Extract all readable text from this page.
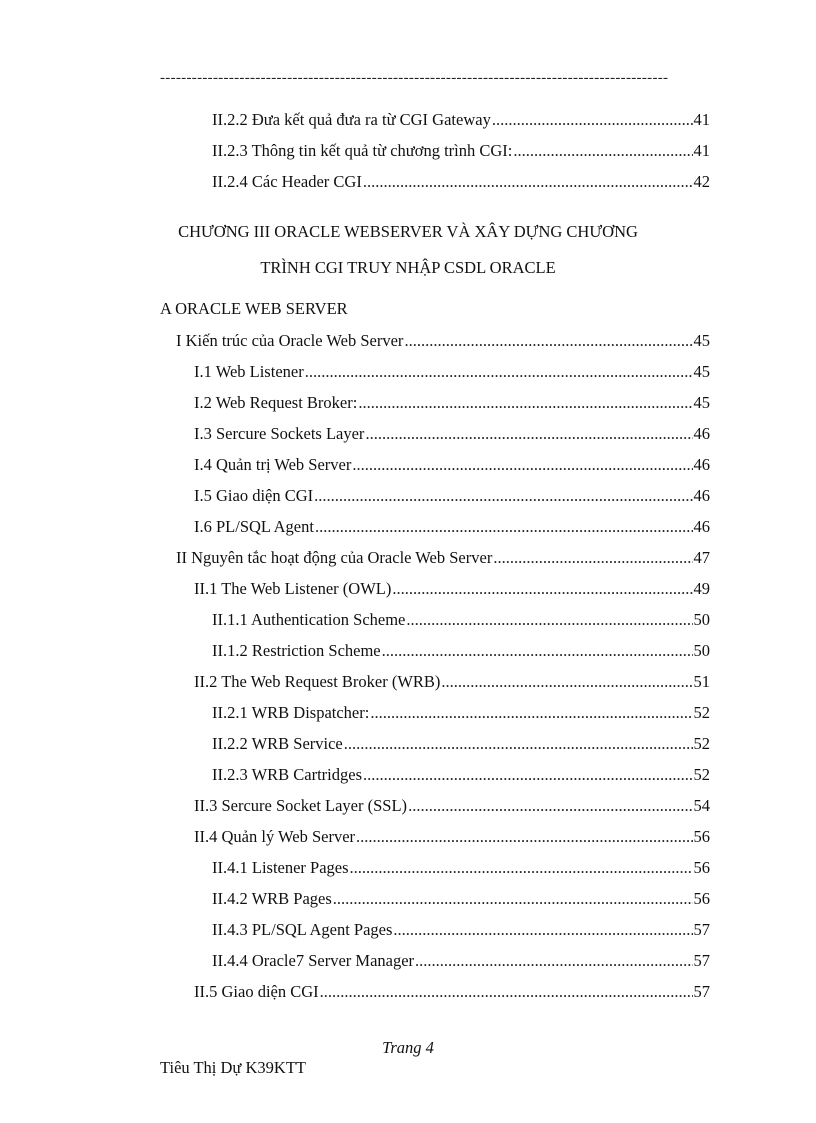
------------------------------------------------------------------------------------------------
II.2.2 Đưa kết quả đưa ra từ CGI Gateway .....	41
II.2.3 Thông tin kết quả từ chương trình CGI: .....	41
II.2.4 Các Header CGI .....	42
CHƯƠNG III ORACLE WEBSERVER VÀ XÂY DỰNG CHƯƠNG
TRÌNH CGI TRUY NHẬP CSDL ORACLE
A ORACLE WEB SERVER
I Kiến trúc của Oracle Web Server .....	45
I.1 Web Listener .....	45
I.2 Web Request Broker: .....	45
I.3 Sercure Sockets Layer .....	46
I.4 Quản trị Web Server .....	46
I.5 Giao diện CGI .....	46
I.6 PL/SQL Agent .....	46
II Nguyên tắc hoạt động của Oracle Web Server .....	47
II.1 The Web Listener (OWL) .....	49
II.1.1 Authentication Scheme .....	50
II.1.2 Restriction Scheme .....	50
II.2 The Web Request Broker (WRB) .....	51
II.2.1 WRB Dispatcher: .....	52
II.2.2 WRB Service .....	52
II.2.3 WRB Cartridges .....	52
II.3 Sercure Socket Layer (SSL) .....	54
II.4 Quản lý Web Server .....	56
II.4.1 Listener Pages .....	56
II.4.2 WRB Pages .....	56
II.4.3 PL/SQL Agent Pages .....	57
II.4.4 Oracle7 Server Manager .....	57
II.5 Giao diện CGI .....	57
Trang 4
Tiêu Thị Dự K39KTT
